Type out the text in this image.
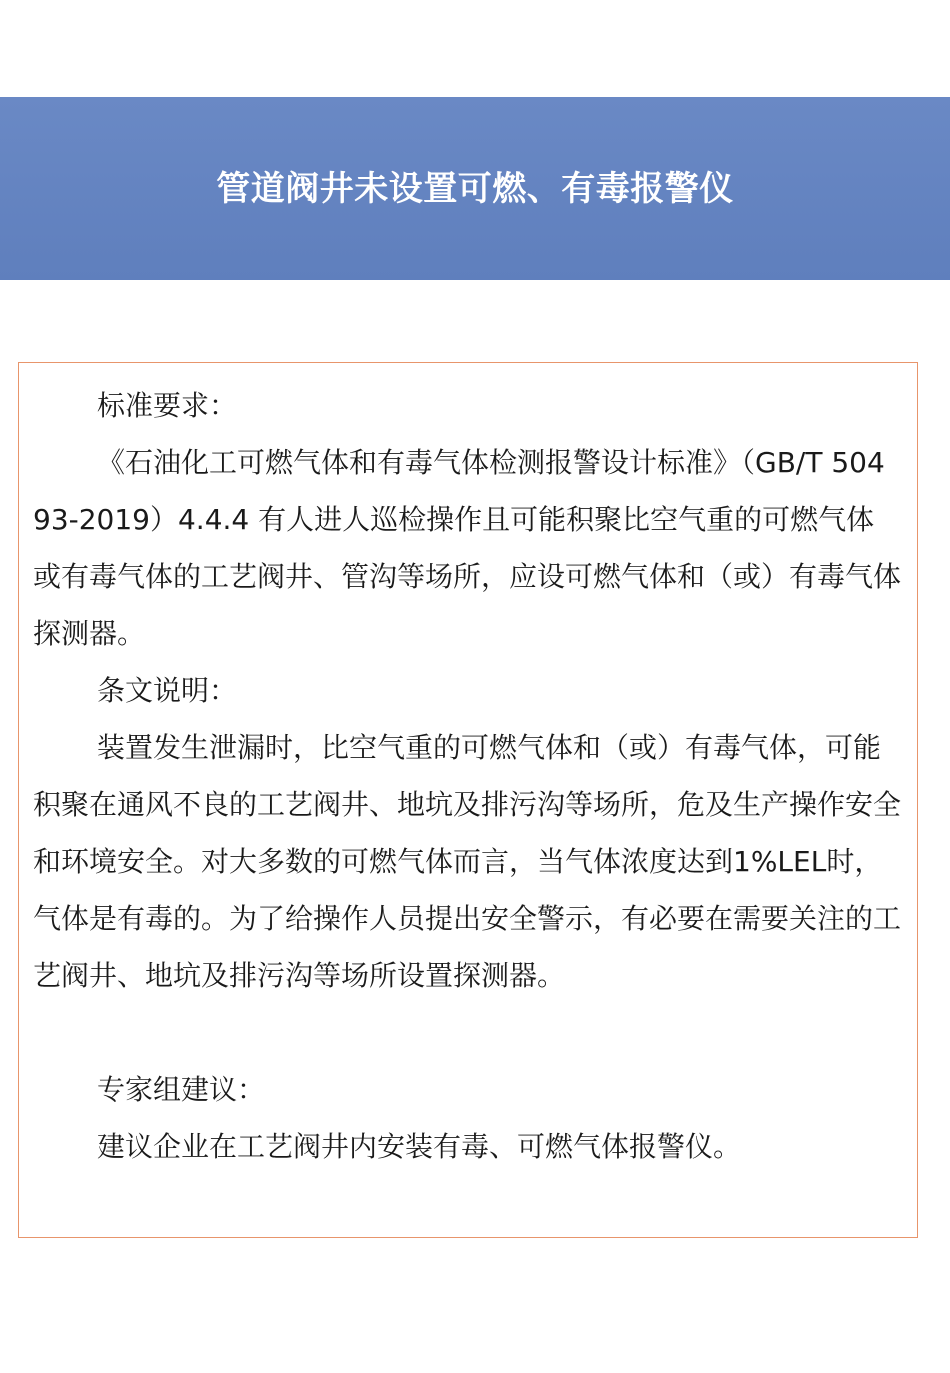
管道阀井未设置可燃、有毒报警仪

标准要求：

《石油化工可燃气体和有毒气体检测报警设计标准》（GB/T 50493-2019）4.4.4 有人进人巡检操作且可能积聚比空气重的可燃气体或有毒气体的工艺阀井、管沟等场所，应设可燃气体和（或）有毒气体探测器。

条文说明：

装置发生泄漏时，比空气重的可燃气体和（或）有毒气体，可能积聚在通风不良的工艺阀井、地坑及排污沟等场所，危及生产操作安全和环境安全。对大多数的可燃气体而言，当气体浓度达到1%LEL时，气体是有毒的。为了给操作人员提出安全警示，有必要在需要关注的工艺阀井、地坑及排污沟等场所设置探测器。

专家组建议：

建议企业在工艺阀井内安装有毒、可燃气体报警仪。
